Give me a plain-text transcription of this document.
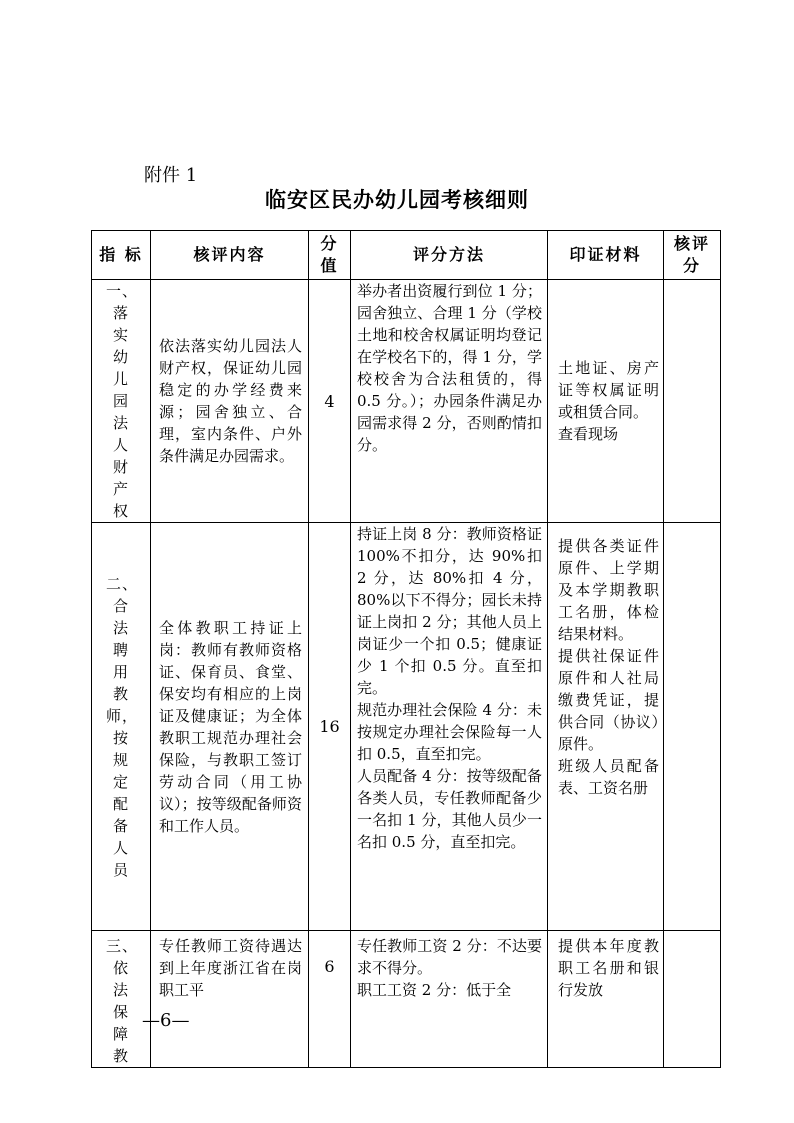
附件 1
临安区民办幼儿园考核细则
指 标	核评内容	分值	评分方法	印证材料	核评分
一、落实幼儿园法人财产权	依法落实幼儿园法人财产权，保证幼儿园稳定的办学经费来源；园舍独立、合理，室内条件、户外条件满足办园需求。	4	举办者出资履行到位 1 分；园舍独立、合理 1 分（学校土地和校舍权属证明均登记在学校名下的，得 1 分，学校校舍为合法租赁的，得 0.5 分。）；办园条件满足办园需求得 2 分，否则酌情扣分。	土地证、房产证等权属证明或租赁合同。
查看现场	
二、合法聘用教师，按规定配备人员	全体教职工持证上岗：教师有教师资格证、保育员、食堂、保安均有相应的上岗证及健康证；为全体教职工规范办理社会保险，与教职工签订劳动合同（用工协议）；按等级配备师资和工作人员。	16	持证上岗 8 分：教师资格证 100%不扣分，达 90%扣 2 分，达 80%扣 4 分，80%以下不得分；园长未持证上岗扣 2 分；其他人员上岗证少一个扣 0.5；健康证少 1 个扣 0.5 分。直至扣完。
规范办理社会保险 4 分：未按规定办理社会保险每一人扣 0.5，直至扣完。
人员配备 4 分：按等级配备各类人员，专任教师配备少一名扣 1 分，其他人员少一名扣 0.5 分，直至扣完。	提供各类证件原件、上学期及本学期教职工名册，体检结果材料。
提供社保证件原件和人社局缴费凭证，提供合同（协议）原件。
班级人员配备表、工资名册	
三、依法保障教	专任教师工资待遇达到上年度浙江省在岗职工平	6	专任教师工资 2 分：不达要求不得分。
职工工资 2 分：低于全	提供本年度教职工名册和银行发放	
—6—
